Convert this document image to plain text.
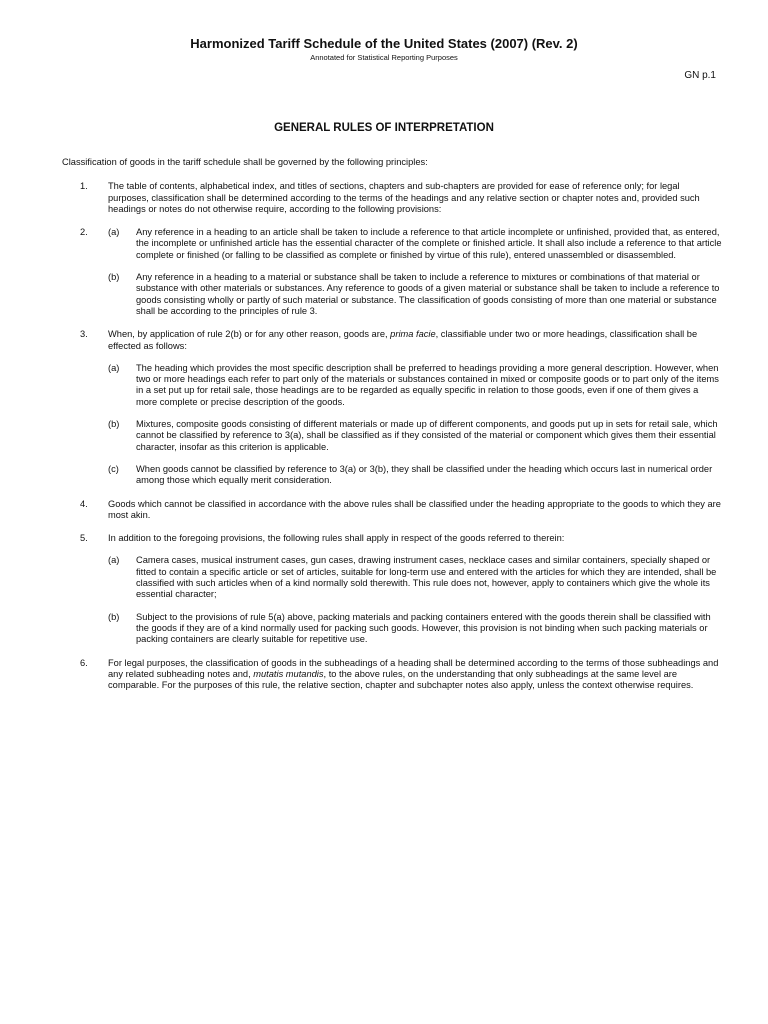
Harmonized Tariff Schedule of the United States (2007) (Rev. 2)
Annotated for Statistical Reporting Purposes
GN p.1
GENERAL RULES OF INTERPRETATION

Classification of goods in the tariff schedule shall be governed by the following principles:

1.	The table of contents, alphabetical index, and titles of sections, chapters and sub-chapters are provided for ease of reference only; for legal purposes, classification shall be determined according to the terms of the headings and any relative section or chapter notes and, provided such headings or notes do not otherwise require, according to the following provisions:

2.	(a)	Any reference in a heading to an article shall be taken to include a reference to that article incomplete or unfinished, provided that, as entered, the incomplete or unfinished article has the essential character of the complete or finished article. It shall also include a reference to that article complete or finished (or falling to be classified as complete or finished by virtue of this rule), entered unassembled or disassembled.

(b)	Any reference in a heading to a material or substance shall be taken to include a reference to mixtures or combinations of that material or substance with other materials or substances. Any reference to goods of a given material or substance shall be taken to include a reference to goods consisting wholly or partly of such material or substance. The classification of goods consisting of more than one material or substance shall be according to the principles of rule 3.

3.	When, by application of rule 2(b) or for any other reason, goods are, prima facie, classifiable under two or more headings, classification shall be effected as follows:

(a)	The heading which provides the most specific description shall be preferred to headings providing a more general description. However, when two or more headings each refer to part only of the materials or substances contained in mixed or composite goods or to part only of the items in a set put up for retail sale, those headings are to be regarded as equally specific in relation to those goods, even if one of them gives a more complete or precise description of the goods.

(b)	Mixtures, composite goods consisting of different materials or made up of different components, and goods put up in sets for retail sale, which cannot be classified by reference to 3(a), shall be classified as if they consisted of the material or component which gives them their essential character, insofar as this criterion is applicable.

(c)	When goods cannot be classified by reference to 3(a) or 3(b), they shall be classified under the heading which occurs last in numerical order among those which equally merit consideration.

4.	Goods which cannot be classified in accordance with the above rules shall be classified under the heading appropriate to the goods to which they are most akin.

5.	In addition to the foregoing provisions, the following rules shall apply in respect of the goods referred to therein:

(a)	Camera cases, musical instrument cases, gun cases, drawing instrument cases, necklace cases and similar containers, specially shaped or fitted to contain a specific article or set of articles, suitable for long-term use and entered with the articles for which they are intended, shall be classified with such articles when of a kind normally sold therewith. This rule does not, however, apply to containers which give the whole its essential character;

(b)	Subject to the provisions of rule 5(a) above, packing materials and packing containers entered with the goods therein shall be classified with the goods if they are of a kind normally used for packing such goods. However, this provision is not binding when such packing materials or packing containers are clearly suitable for repetitive use.

6.	For legal purposes, the classification of goods in the subheadings of a heading shall be determined according to the terms of those subheadings and any related subheading notes and, mutatis mutandis, to the above rules, on the understanding that only subheadings at the same level are comparable. For the purposes of this rule, the relative section, chapter and subchapter notes also apply, unless the context otherwise requires.
